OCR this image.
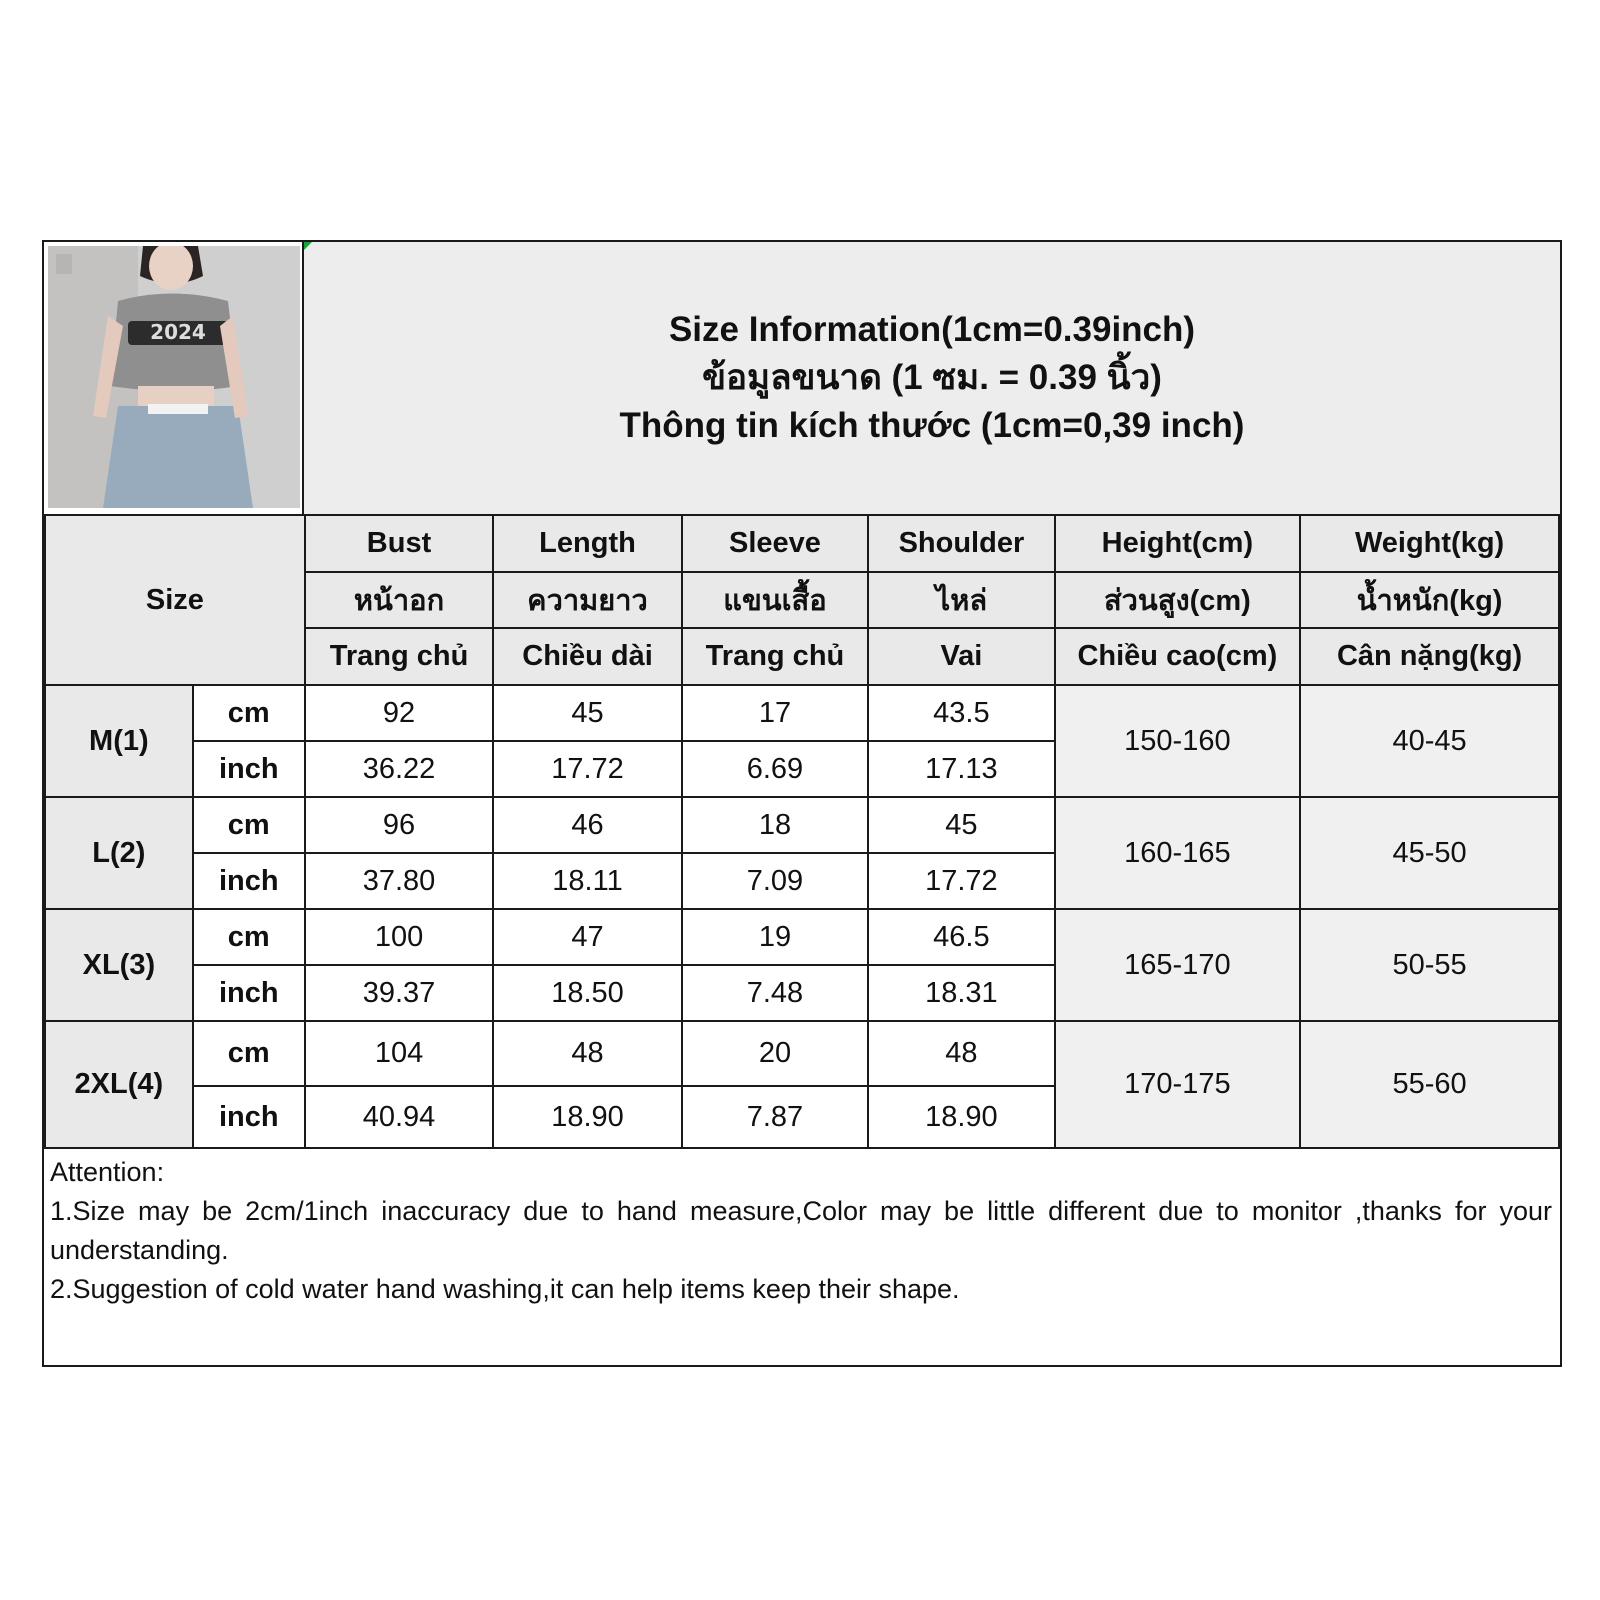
2024	Size Information(1cm=0.39inch)
ข้อมูลขนาด (1 ซม. = 0.39 นิ้ว)
Thông tin kích thước (1cm=0,39 inch)
Size		Bust	Length	Sleeve	Shoulder	Height(cm)	Weight(kg)
		หน้าอก	ความยาว	แขนเสื้อ	ไหล่	ส่วนสูง(cm)	น้ำหนัก(kg)
		Trang chủ	Chiều dài	Trang chủ	Vai	Chiều cao(cm)	Cân nặng(kg)
M(1)	cm	92	45	17	43.5	150-160	40-45
	inch	36.22	17.72	6.69	17.13		
L(2)	cm	96	46	18	45	160-165	45-50
	inch	37.80	18.11	7.09	17.72		
XL(3)	cm	100	47	19	46.5	165-170	50-55
	inch	39.37	18.50	7.48	18.31		
2XL(4)	cm	104	48	20	48	170-175	55-60
	inch	40.94	18.90	7.87	18.90		
Attention:
1.Size may be 2cm/1inch inaccuracy due to hand measure,Color may be little different due to monitor ,thanks for your understanding.
2.Suggestion of cold water hand washing,it can help items keep their shape.
